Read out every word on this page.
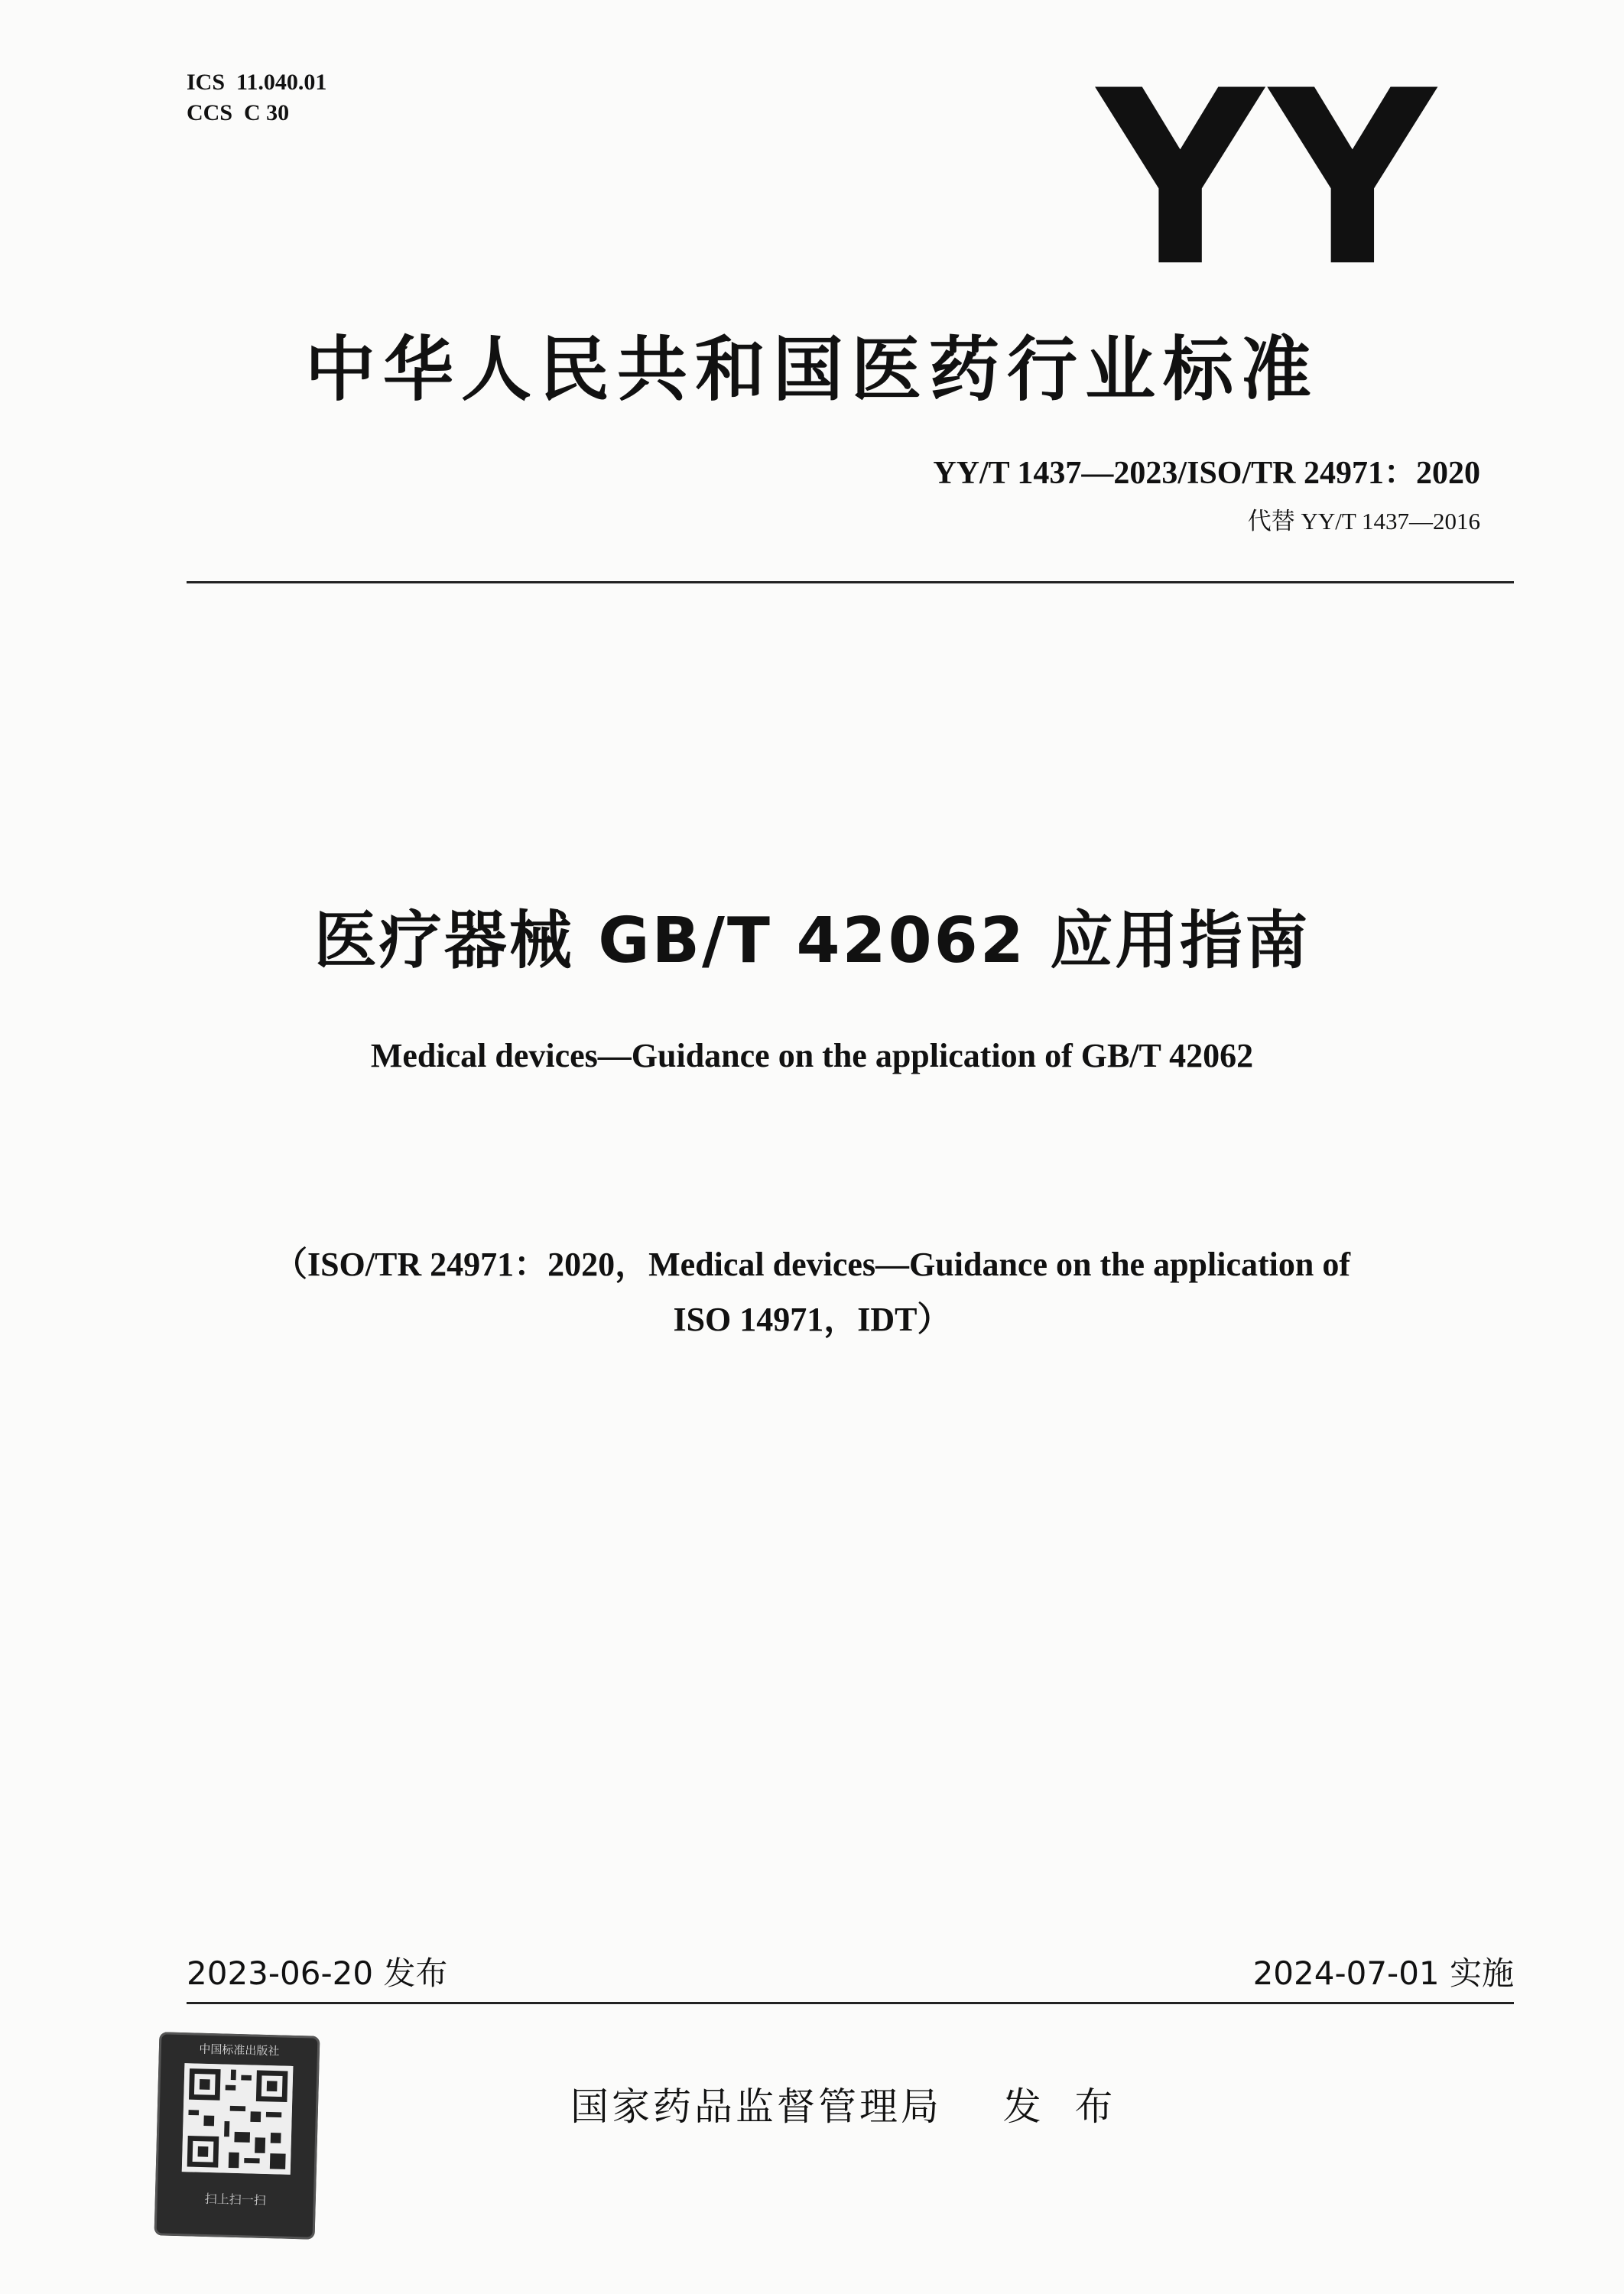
ICS  11.040.01
CCS  C 30	YY
中华人民共和国医药行业标准
YY/T 1437—2023/ISO/TR 24971：2020
代替 YY/T 1437—2016
医疗器械 GB/T 42062 应用指南
Medical devices—Guidance on the application of GB/T 42062
（ISO/TR 24971：2020，Medical devices—Guidance on the application of
ISO 14971，IDT）
2023-06-20 发布	2024-07-01 实施
中国标准出版社
扫上扫一扫
国家药品监督管理局    发  布
